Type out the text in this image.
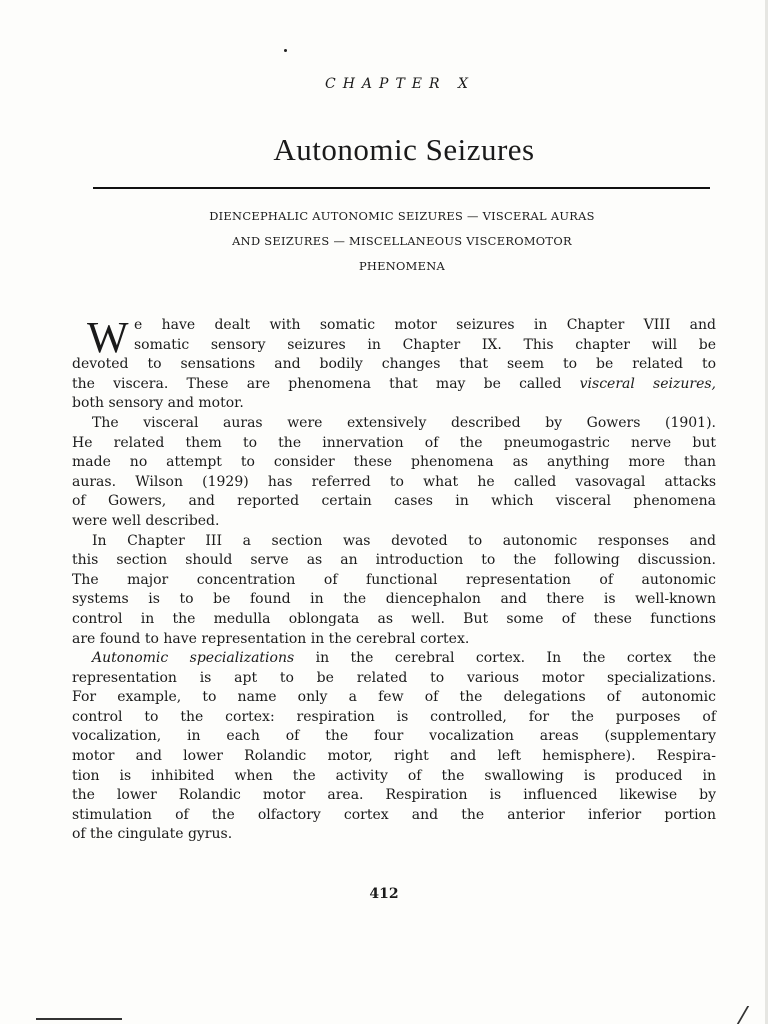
CHAPTER X
Autonomic Seizures
DIENCEPHALIC AUTONOMIC SEIZURES — VISCERAL AURAS
AND SEIZURES — MISCELLANEOUS VISCEROMOTOR
PHENOMENA
W e have dealt with somatic motor seizures in Chapter VIII and
somatic sensory seizures in Chapter IX. This chapter will be
devoted to sensations and bodily changes that seem to be related to
the viscera. These are phenomena that may be called visceral seizures,
both sensory and motor.
The visceral auras were extensively described by Gowers (1901).
He related them to the innervation of the pneumogastric nerve but
made no attempt to consider these phenomena as anything more than
auras. Wilson (1929) has referred to what he called vasovagal attacks
of Gowers, and reported certain cases in which visceral phenomena
were well described.
In Chapter III a section was devoted to autonomic responses and
this section should serve as an introduction to the following discussion.
The major concentration of functional representation of autonomic
systems is to be found in the diencephalon and there is well-known
control in the medulla oblongata as well. But some of these functions
are found to have representation in the cerebral cortex.
Autonomic specializations in the cerebral cortex. In the cortex the
representation is apt to be related to various motor specializations.
For example, to name only a few of the delegations of autonomic
control to the cortex: respiration is controlled, for the purposes of
vocalization, in each of the four vocalization areas (supplementary
motor and lower Rolandic motor, right and left hemisphere). Respira-
tion is inhibited when the activity of the swallowing is produced in
the lower Rolandic motor area. Respiration is influenced likewise by
stimulation of the olfactory cortex and the anterior inferior portion
of the cingulate gyrus.
412
